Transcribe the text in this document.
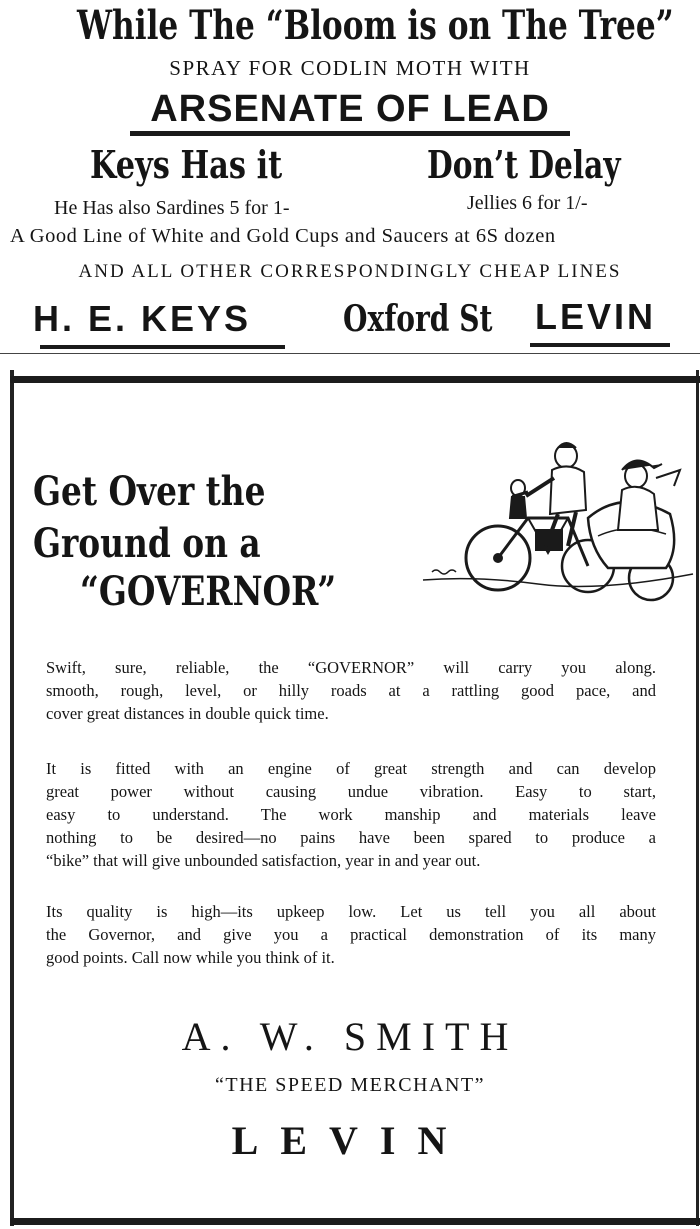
While The “Bloom is on The Tree”
SPRAY FOR CODLIN MOTH WITH
ARSENATE OF LEAD
Keys Has it	Don’t Delay
He Has also Sardines 5 for 1-	Jellies 6 for 1/-
A Good Line of White and Gold Cups and Saucers at 6S dozen
AND ALL OTHER CORRESPONDINGLY CHEAP LINES
H. E. KEYS	Oxford St LEVIN
Get Over the
Ground on a
“GOVERNOR”

Swift, sure, reliable, the “GOVERNOR” will carry you along.

smooth, rough, level, or hilly roads at a rattling good pace, and

cover great distances in double quick time.

It is fitted with an engine of great strength and can develop

great power without causing undue vibration. Easy to start,

easy to understand. The work manship and materials leave

nothing to be desired—no pains have been spared to produce a

“bike” that will give unbounded satisfaction, year in and year out.

Its quality is high—its upkeep low. Let us tell you all about

the Governor, and give you a practical demonstration of its many

good points. Call now while you think of it.

A. W. SMITH
“THE SPEED MERCHANT”
LEVIN
